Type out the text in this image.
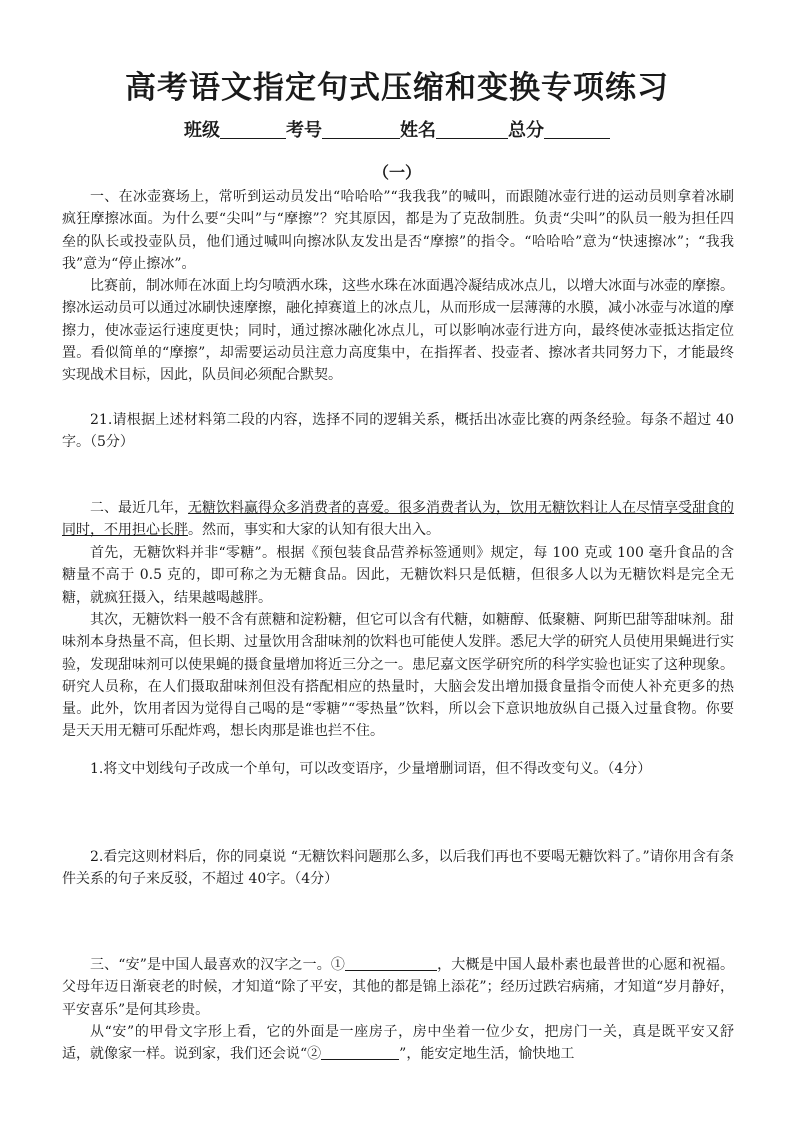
高考语文指定句式压缩和变换专项练习
班级	考号	姓名	总分
（一）

一、在冰壶赛场上，常听到运动员发出“哈哈哈”“我我我”的喊叫，而跟随冰壶行进的运动员则拿着冰刷疯狂摩擦冰面。为什么要“尖叫”与“摩擦”？究其原因，都是为了克敌制胜。负责“尖叫”的队员一般为担任四垒的队长或投壶队员，他们通过喊叫向擦冰队友发出是否“摩擦”的指令。“哈哈哈”意为“快速擦冰”；“我我我”意为“停止擦冰”。

比赛前，制冰师在冰面上均匀喷洒水珠，这些水珠在冰面遇冷凝结成冰点儿，以增大冰面与冰壶的摩擦。擦冰运动员可以通过冰刷快速摩擦，融化掉赛道上的冰点儿，从而形成一层薄薄的水膜，减小冰壶与冰道的摩擦力，使冰壶运行速度更快；同时，通过擦冰融化冰点儿，可以影响冰壶行进方向，最终使冰壶抵达指定位置。看似简单的“摩擦”，却需要运动员注意力高度集中，在指挥者、投壶者、擦冰者共同努力下，才能最终实现战术目标，因此，队员间必须配合默契。

21.请根据上述材料第二段的内容，选择不同的逻辑关系，概括出冰壶比赛的两条经验。每条不超过 40 字。（5分）

二、最近几年，无糖饮料赢得众多消费者的喜爱。很多消费者认为，饮用无糖饮料让人在尽情享受甜食的同时，不用担心长胖。然而，事实和大家的认知有很大出入。

首先，无糖饮料并非“零糖”。根据《预包装食品营养标签通则》规定，每 100 克或 100 毫升食品的含糖量不高于 0.5 克的，即可称之为无糖食品。因此，无糖饮料只是低糖，但很多人以为无糖饮料是完全无糖，就疯狂摄入，结果越喝越胖。

其次，无糖饮料一般不含有蔗糖和淀粉糖，但它可以含有代糖，如糖醇、低聚糖、阿斯巴甜等甜味剂。甜味剂本身热量不高，但长期、过量饮用含甜味剂的饮料也可能使人发胖。悉尼大学的研究人员使用果蝇进行实验，发现甜味剂可以使果蝇的摄食量增加将近三分之一。患尼嘉文医学研究所的科学实验也证实了这种现象。研究人员称，在人们摄取甜味剂但没有搭配相应的热量时，大脑会发出增加摄食量指令而使人补充更多的热量。此外，饮用者因为觉得自己喝的是“零糖”“零热量”饮料，所以会下意识地放纵自己摄入过量食物。你要是天天用无糖可乐配炸鸡，想长肉那是谁也拦不住。

1.将文中划线句子改成一个单句，可以改变语序，少量增删词语，但不得改变句义。（4分）

2.看完这则材料后，你的同桌说 “无糖饮料问题那么多，以后我们再也不要喝无糖饮料了。”请你用含有条件关系的句子来反驳，不超过 40字。（4分）

三、“安”是中国人最喜欢的汉字之一。①	，大概是中国人最朴素也最普世的心愿和祝福。父母年迈日渐衰老的时候，才知道“除了平安，其他的都是锦上添花”；经历过跌宕病痛，才知道“岁月静好，平安喜乐”是何其珍贵。

从“安”的甲骨文字形上看，它的外面是一座房子，房中坐着一位少女，把房门一关，真是既平安又舒适，就像家一样。说到家，我们还会说“②	”，能安定地生活，愉快地工
